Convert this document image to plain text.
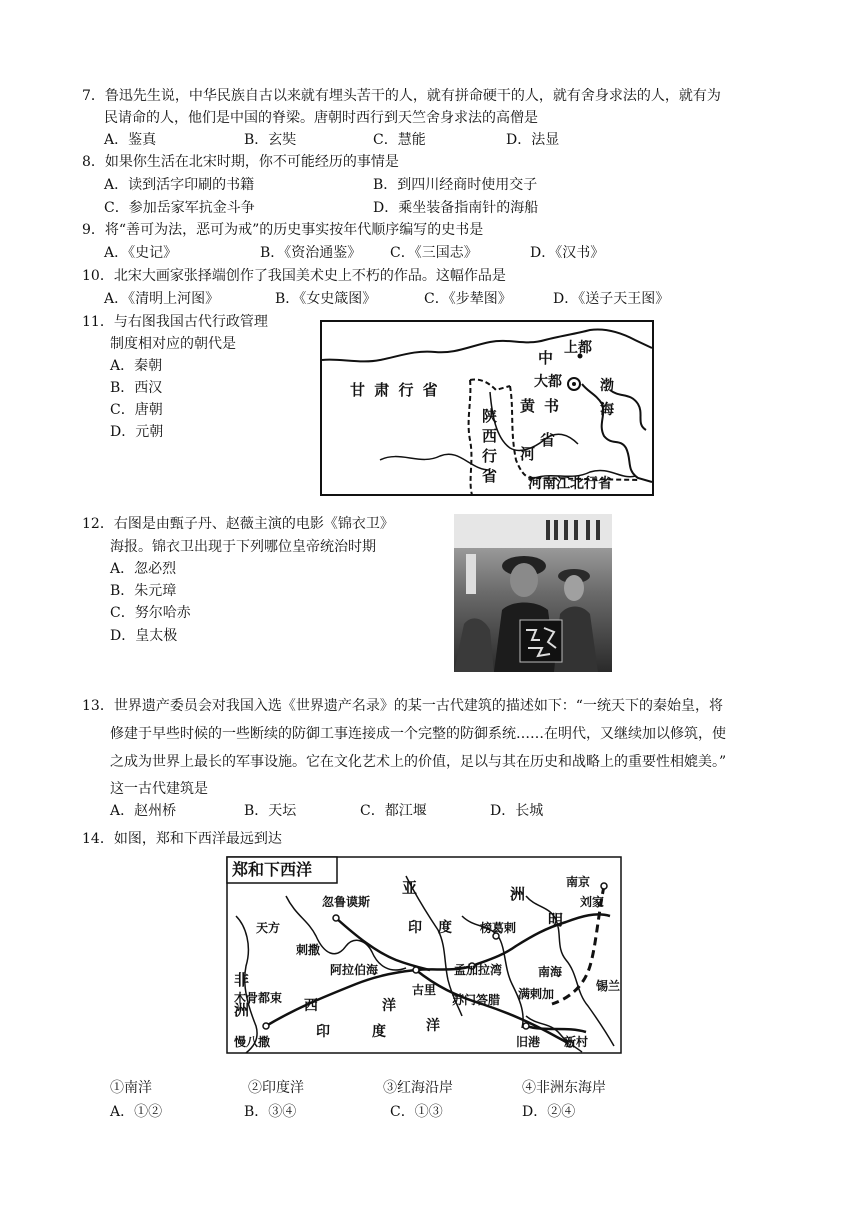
7．鲁迅先生说，中华民族自古以来就有埋头苦干的人，就有拼命硬干的人，就有舍身求法的人，就有为
民请命的人，他们是中国的脊梁。唐朝时西行到天竺舍身求法的高僧是
A．鉴真	B．玄奘	C．慧能	D．法显
8．如果你生活在北宋时期，你不可能经历的事情是
A．读到活字印刷的书籍	B．到四川经商时使用交子
C．参加岳家军抗金斗争	D．乘坐装备指南针的海船
9．将“善可为法，恶可为戒”的历史事实按年代顺序编写的史书是
A．《史记》	B．《资治通鉴》 C．《三国志》	D．《汉书》
10．北宋大画家张择端创作了我国美术史上不朽的作品。这幅作品是
A．《清明上河图》	B．《女史箴图》	C．《步辇图》	D．《送子天王图》
11．与右图我国古代行政管理
制度相对应的朝代是
A．秦朝
B．西汉
C．唐朝
D．元朝
甘 肃 行 省
陕
西
行
省
中
书
省
上都
大都
黄
河
渤
海
河南江北行省
12．右图是由甄子丹、赵薇主演的电影《锦衣卫》
海报。锦衣卫出现于下列哪位皇帝统治时期
A．忽必烈
B．朱元璋
C．努尔哈赤
D．皇太极
13．世界遗产委员会对我国入选《世界遗产名录》的某一古代建筑的描述如下：“一统天下的秦始皇，将
修建于早些时候的一些断续的防御工事连接成一个完整的防御系统……在明代，又继续加以修筑，使
之成为世界上最长的军事设施。它在文化艺术上的价值，足以与其在历史和战略上的重要性相媲美。”
这一古代建筑是
A．赵州桥	B．天坛	C．都江堰	D．长城
14．如图，郑和下西洋最远到达
郑和下西洋
亚	洲
南京
刘家
明
忽鲁谟斯
天方	印 度 榜葛剌
刺撒
阿拉伯海	孟加拉湾
非
古里
南海
木骨都束
洲	西	洋	苏门答腊 满剌加
印	度	洋
慢八撒	旧港 新村
锡兰
①南洋	②印度洋	③红海沿岸	④非洲东海岸
A．①②	B．③④	C．①③	D．②④
